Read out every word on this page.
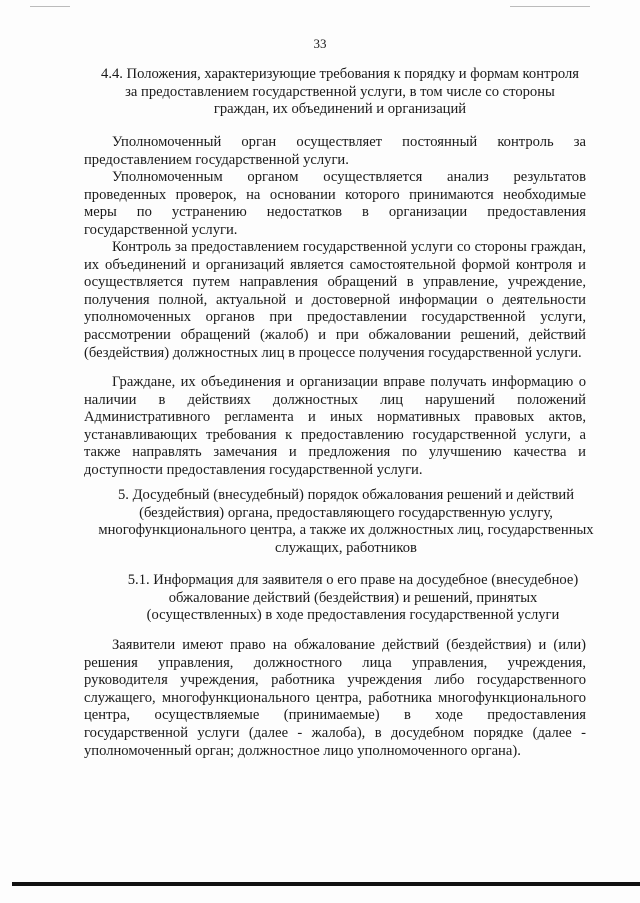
33
4.4. Положения, характеризующие требования к порядку и формам контроля за предоставлением государственной услуги, в том числе со стороны граждан, их объединений и организаций
Уполномоченный орган осуществляет постоянный контроль за предоставлением государственной услуги.
Уполномоченным органом осуществляется анализ результатов проведенных проверок, на основании которого принимаются необходимые меры по устранению недостатков в организации предоставления государственной услуги.
Контроль за предоставлением государственной услуги со стороны граждан, их объединений и организаций является самостоятельной формой контроля и осуществляется путем направления обращений в управление, учреждение, получения полной, актуальной и достоверной информации о деятельности уполномоченных органов при предоставлении государственной услуги, рассмотрении обращений (жалоб) и при обжаловании решений, действий (бездействия) должностных лиц в процессе получения государственной услуги.
Граждане, их объединения и организации вправе получать информацию о наличии в действиях должностных лиц нарушений положений Административного регламента и иных нормативных правовых актов, устанавливающих требования к предоставлению государственной услуги, а также направлять замечания и предложения по улучшению качества и доступности предоставления государственной услуги.
5. Досудебный (внесудебный) порядок обжалования решений и действий (бездействия) органа, предоставляющего государственную услугу, многофункционального центра, а также их должностных лиц, государственных служащих, работников
5.1. Информация для заявителя о его праве на досудебное (внесудебное) обжалование действий (бездействия) и решений, принятых (осуществленных) в ходе предоставления государственной услуги
Заявители имеют право на обжалование действий (бездействия) и (или) решения управления, должностного лица управления, учреждения, руководителя учреждения, работника учреждения либо государственного служащего, многофункционального центра, работника многофункционального центра, осуществляемые (принимаемые) в ходе предоставления государственной услуги (далее - жалоба), в досудебном порядке (далее - уполномоченный орган; должностное лицо уполномоченного органа).
